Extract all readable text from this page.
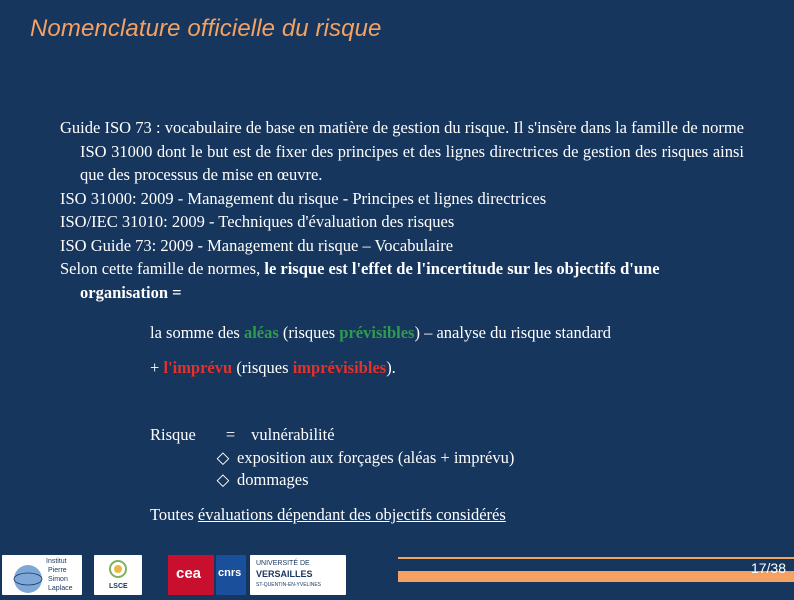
Nomenclature officielle du risque

Guide ISO 73 : vocabulaire de base en matière de gestion du risque. Il s'insère dans la famille de norme ISO 31000 dont le but est de fixer des principes et des lignes directrices de gestion des risques ainsi que des processus de mise en œuvre.

ISO 31000: 2009 - Management du risque - Principes et lignes directrices

ISO/IEC 31010: 2009 - Techniques d'évaluation des risques

ISO Guide 73: 2009 - Management du risque – Vocabulaire

Selon cette famille de normes, le risque est l'effet de l'incertitude sur les objectifs d'une organisation =

la somme des aléas (risques prévisibles) – analyse du risque standard
+ l'imprévu (risques imprévisibles).
Risque = vulnérabilité
◇ exposition aux forçages (aléas + imprévu)
◇ dommages
Toutes évaluations dépendant des objectifs considérés
Institut
Pierre
Simon
Laplace	LSCE
cea cnrs
UNIVERSITÉ DE
VERSAILLES
ST-QUENTIN-EN-YVELINES
17/38
